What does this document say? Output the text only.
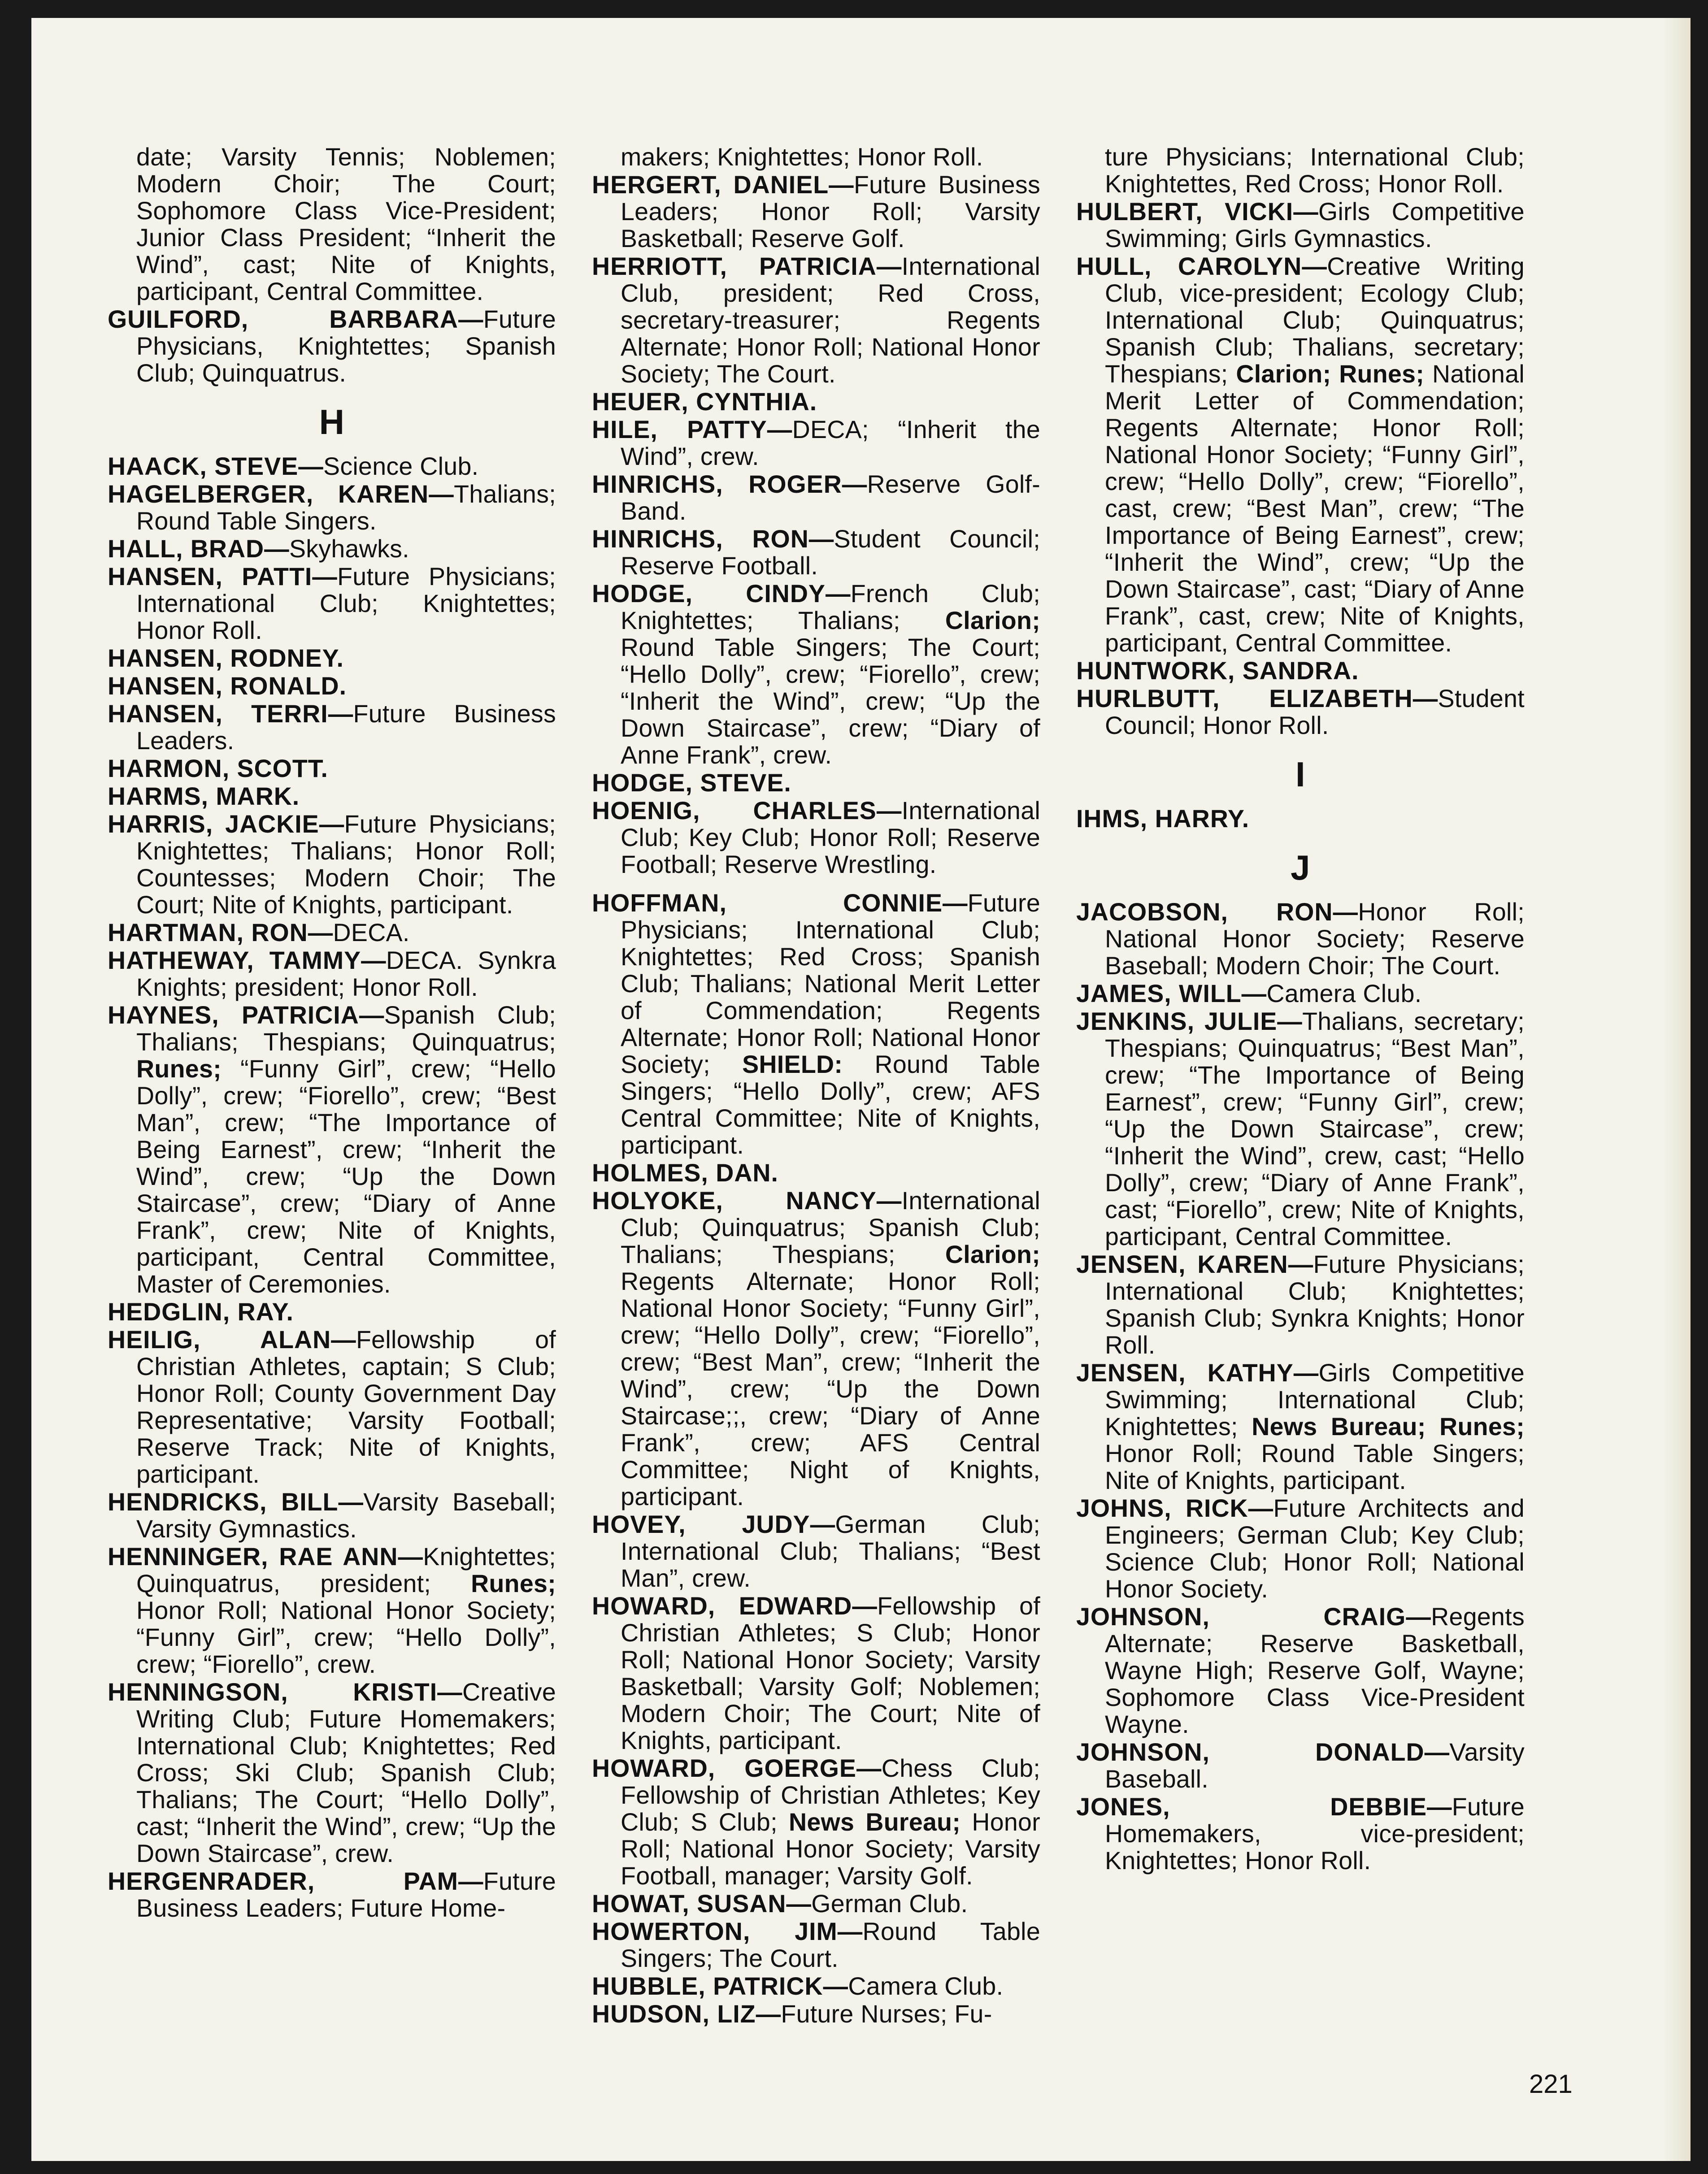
date; Varsity Tennis; Noblemen; Modern Choir; The Court; Sophomore Class Vice-President; Junior Class President; “Inherit the Wind”, cast; Nite of Knights, participant, Central Committee.

GUILFORD, BARBARA—Future Physicians, Knightettes; Spanish Club; Quinquatrus.

H

HAACK, STEVE—Science Club.

HAGELBERGER, KAREN—Thalians; Round Table Singers.

HALL, BRAD—Skyhawks.

HANSEN, PATTI—Future Physicians; International Club; Knightettes; Honor Roll.

HANSEN, RODNEY.

HANSEN, RONALD.

HANSEN, TERRI—Future Business Leaders.

HARMON, SCOTT.

HARMS, MARK.

HARRIS, JACKIE—Future Physicians; Knightettes; Thalians; Honor Roll; Countesses; Modern Choir; The Court; Nite of Knights, participant.

HARTMAN, RON—DECA.

HATHEWAY, TAMMY—DECA. Synkra Knights; president; Honor Roll.

HAYNES, PATRICIA—Spanish Club; Thalians; Thespians; Quinquatrus; Runes; “Funny Girl”, crew; “Hello Dolly”, crew; “Fiorello”, crew; “Best Man”, crew; “The Importance of Being Earnest”, crew; “Inherit the Wind”, crew; “Up the Down Staircase”, crew; “Diary of Anne Frank”, crew; Nite of Knights, participant, Central Committee, Master of Ceremonies.

HEDGLIN, RAY.

HEILIG, ALAN—Fellowship of Christian Athletes, captain; S Club; Honor Roll; County Government Day Representative; Varsity Football; Reserve Track; Nite of Knights, participant.

HENDRICKS, BILL—Varsity Baseball; Varsity Gymnastics.

HENNINGER, RAE ANN—Knightettes; Quinquatrus, president; Runes; Honor Roll; National Honor Society; “Funny Girl”, crew; “Hello Dolly”, crew; “Fiorello”, crew.

HENNINGSON, KRISTI—Creative Writing Club; Future Homemakers; International Club; Knightettes; Red Cross; Ski Club; Spanish Club; Thalians; The Court; “Hello Dolly”, cast; “Inherit the Wind”, crew; “Up the Down Staircase”, crew.

HERGENRADER, PAM—Future Business Leaders; Future Home-

makers; Knightettes; Honor Roll.

HERGERT, DANIEL—Future Business Leaders; Honor Roll; Varsity Basketball; Reserve Golf.

HERRIOTT, PATRICIA—International Club, president; Red Cross, secretary-treasurer; Regents Alternate; Honor Roll; National Honor Society; The Court.

HEUER, CYNTHIA.

HILE, PATTY—DECA; “Inherit the Wind”, crew.

HINRICHS, ROGER—Reserve Golf-Band.

HINRICHS, RON—Student Council; Reserve Football.

HODGE, CINDY—French Club; Knightettes; Thalians; Clarion; Round Table Singers; The Court; “Hello Dolly”, crew; “Fiorello”, crew; “Inherit the Wind”, crew; “Up the Down Staircase”, crew; “Diary of Anne Frank”, crew.

HODGE, STEVE.

HOENIG, CHARLES—International Club; Key Club; Honor Roll; Reserve Football; Reserve Wrestling.

HOFFMAN, CONNIE—Future Physicians; International Club; Knightettes; Red Cross; Spanish Club; Thalians; National Merit Letter of Commendation; Regents Alternate; Honor Roll; National Honor Society; SHIELD: Round Table Singers; “Hello Dolly”, crew; AFS Central Committee; Nite of Knights, participant.

HOLMES, DAN.

HOLYOKE, NANCY—International Club; Quinquatrus; Spanish Club; Thalians; Thespians; Clarion; Regents Alternate; Honor Roll; National Honor Society; “Funny Girl”, crew; “Hello Dolly”, crew; “Fiorello”, crew; “Best Man”, crew; “Inherit the Wind”, crew; “Up the Down Staircase;;, crew; “Diary of Anne Frank”, crew; AFS Central Committee; Night of Knights, participant.

HOVEY, JUDY—German Club; International Club; Thalians; “Best Man”, crew.

HOWARD, EDWARD—Fellowship of Christian Athletes; S Club; Honor Roll; National Honor Society; Varsity Basketball; Varsity Golf; Noblemen; Modern Choir; The Court; Nite of Knights, participant.

HOWARD, GOERGE—Chess Club; Fellowship of Christian Athletes; Key Club; S Club; News Bureau; Honor Roll; National Honor Society; Varsity Football, manager; Varsity Golf.

HOWAT, SUSAN—German Club.

HOWERTON, JIM—Round Table Singers; The Court.

HUBBLE, PATRICK—Camera Club.

HUDSON, LIZ—Future Nurses; Fu-

ture Physicians; International Club; Knightettes, Red Cross; Honor Roll.

HULBERT, VICKI—Girls Competitive Swimming; Girls Gymnastics.

HULL, CAROLYN—Creative Writing Club, vice-president; Ecology Club; International Club; Quinquatrus; Spanish Club; Thalians, secretary; Thespians; Clarion; Runes; National Merit Letter of Commendation; Regents Alternate; Honor Roll; National Honor Society; “Funny Girl”, crew; “Hello Dolly”, crew; “Fiorello”, cast, crew; “Best Man”, crew; “The Importance of Being Earnest”, crew; “Inherit the Wind”, crew; “Up the Down Staircase”, cast; “Diary of Anne Frank”, cast, crew; Nite of Knights, participant, Central Committee.

HUNTWORK, SANDRA.

HURLBUTT, ELIZABETH—Student Council; Honor Roll.

I

IHMS, HARRY.

J

JACOBSON, RON—Honor Roll; National Honor Society; Reserve Baseball; Modern Choir; The Court.

JAMES, WILL—Camera Club.

JENKINS, JULIE—Thalians, secretary; Thespians; Quinquatrus; “Best Man”, crew; “The Importance of Being Earnest”, crew; “Funny Girl”, crew; “Up the Down Staircase”, crew; “Inherit the Wind”, crew, cast; “Hello Dolly”, crew; “Diary of Anne Frank”, cast; “Fiorello”, crew; Nite of Knights, participant, Central Committee.

JENSEN, KAREN—Future Physicians; International Club; Knightettes; Spanish Club; Synkra Knights; Honor Roll.

JENSEN, KATHY—Girls Competitive Swimming; International Club; Knightettes; News Bureau; Runes; Honor Roll; Round Table Singers; Nite of Knights, participant.

JOHNS, RICK—Future Architects and Engineers; German Club; Key Club; Science Club; Honor Roll; National Honor Society.

JOHNSON, CRAIG—Regents Alternate; Reserve Basketball, Wayne High; Reserve Golf, Wayne; Sophomore Class Vice-President Wayne.

JOHNSON, DONALD—Varsity Baseball.

JONES, DEBBIE—Future Homemakers, vice-president; Knightettes; Honor Roll.

221
